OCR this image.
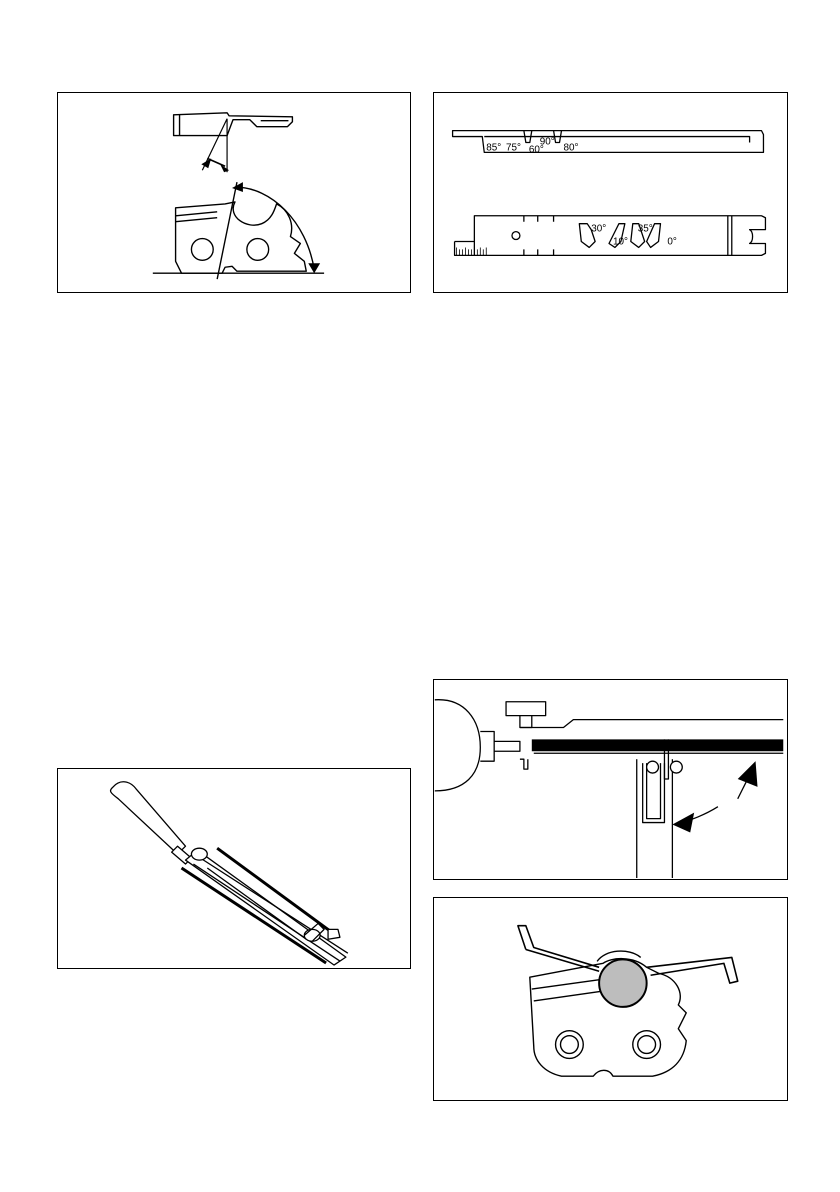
85° 75° 60°
90°
80°
30°
10°
35°
0°
